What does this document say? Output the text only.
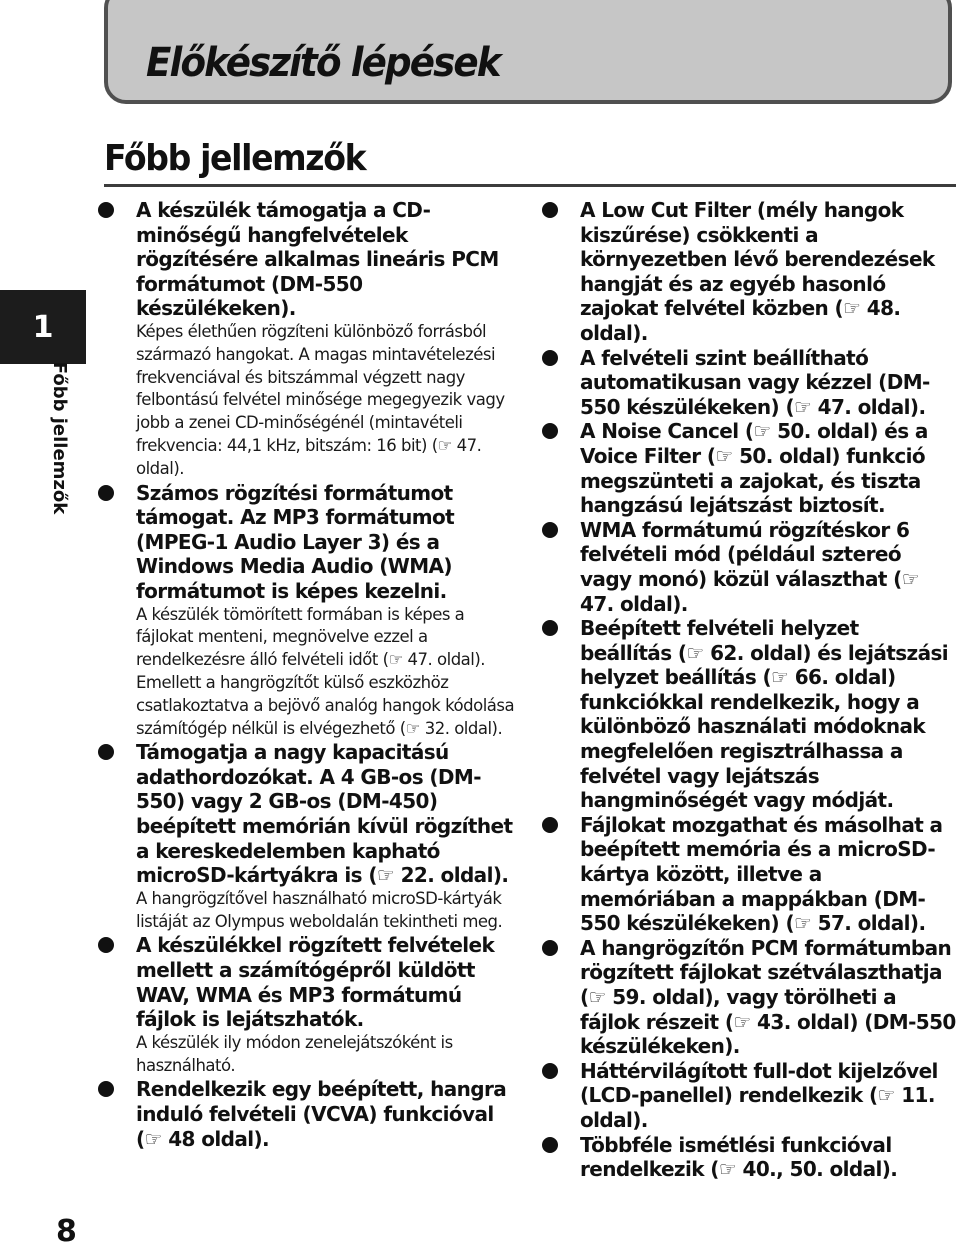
Előkészítő lépések
Főbb jellemzők
1
Főbb jellemzők
8
A készülék támogatja a CD-minőségű hangfelvételek rögzítésére alkalmas lineáris PCM formátumot (DM-550 készülékeken).
Képes élethűen rögzíteni különböző forrásból származó hangokat. A magas mintavételezési frekvenciával és bitszámmal végzett nagy felbontású felvétel minősége megegyezik vagy jobb a zenei CD-minőségénél (mintavételi frekvencia: 44,1 kHz, bitszám: 16 bit) (☞ 47. oldal).
Számos rögzítési formátumot támogat. Az MP3 formátumot (MPEG-1 Audio Layer 3) és a Windows Media Audio (WMA) formátumot is képes kezelni.
A készülék tömörített formában is képes a fájlokat menteni, megnövelve ezzel a rendelkezésre álló felvételi időt (☞ 47. oldal). Emellett a hangrögzítőt külső eszközhöz csatlakoztatva a bejövő analóg hangok kódolása számítógép nélkül is elvégezhető (☞ 32. oldal).
Támogatja a nagy kapacitású adathordozókat. A 4 GB-os (DM-550) vagy 2 GB-os (DM-450) beépített memórián kívül rögzíthet a kereskedelemben kapható microSD-kártyákra is (☞ 22. oldal).
A hangrögzítővel használható microSD-kártyák listáját az Olympus weboldalán tekintheti meg.
A készülékkel rögzített felvételek mellett a számítógépről küldött WAV, WMA és MP3 formátumú fájlok is lejátszhatók.
A készülék ily módon zenelejátszóként is használható.
Rendelkezik egy beépített, hangra induló felvételi (VCVA) funkcióval (☞ 48 oldal).
A Low Cut Filter (mély hangok kiszűrése) csökkenti a környezetben lévő berendezések hangját és az egyéb hasonló zajokat felvétel közben (☞ 48. oldal).
A felvételi szint beállítható automatikusan vagy kézzel (DM-550 készülékeken) (☞ 47. oldal).
A Noise Cancel (☞ 50. oldal) és a Voice Filter (☞ 50. oldal) funkció megszünteti a zajokat, és tiszta hangzású lejátszást biztosít.
WMA formátumú rögzítéskor 6 felvételi mód (például sztereó vagy monó) közül választhat (☞ 47. oldal).
Beépített felvételi helyzet beállítás (☞ 62. oldal) és lejátszási helyzet beállítás (☞ 66. oldal) funkciókkal rendelkezik, hogy a különböző használati módoknak megfelelően regisztrálhassa a felvétel vagy lejátszás hangminőségét vagy módját.
Fájlokat mozgathat és másolhat a beépített memória és a microSD-kártya között, illetve a memóriában a mappákban (DM-550 készülékeken) (☞ 57. oldal).
A hangrögzítőn PCM formátumban rögzített fájlokat szétválaszthatja (☞ 59. oldal), vagy törölheti a fájlok részeit (☞ 43. oldal) (DM-550 készülékeken).
Háttérvilágított full-dot kijelzővel (LCD-panellel) rendelkezik (☞ 11. oldal).
Többféle ismétlési funkcióval rendelkezik (☞ 40., 50. oldal).
